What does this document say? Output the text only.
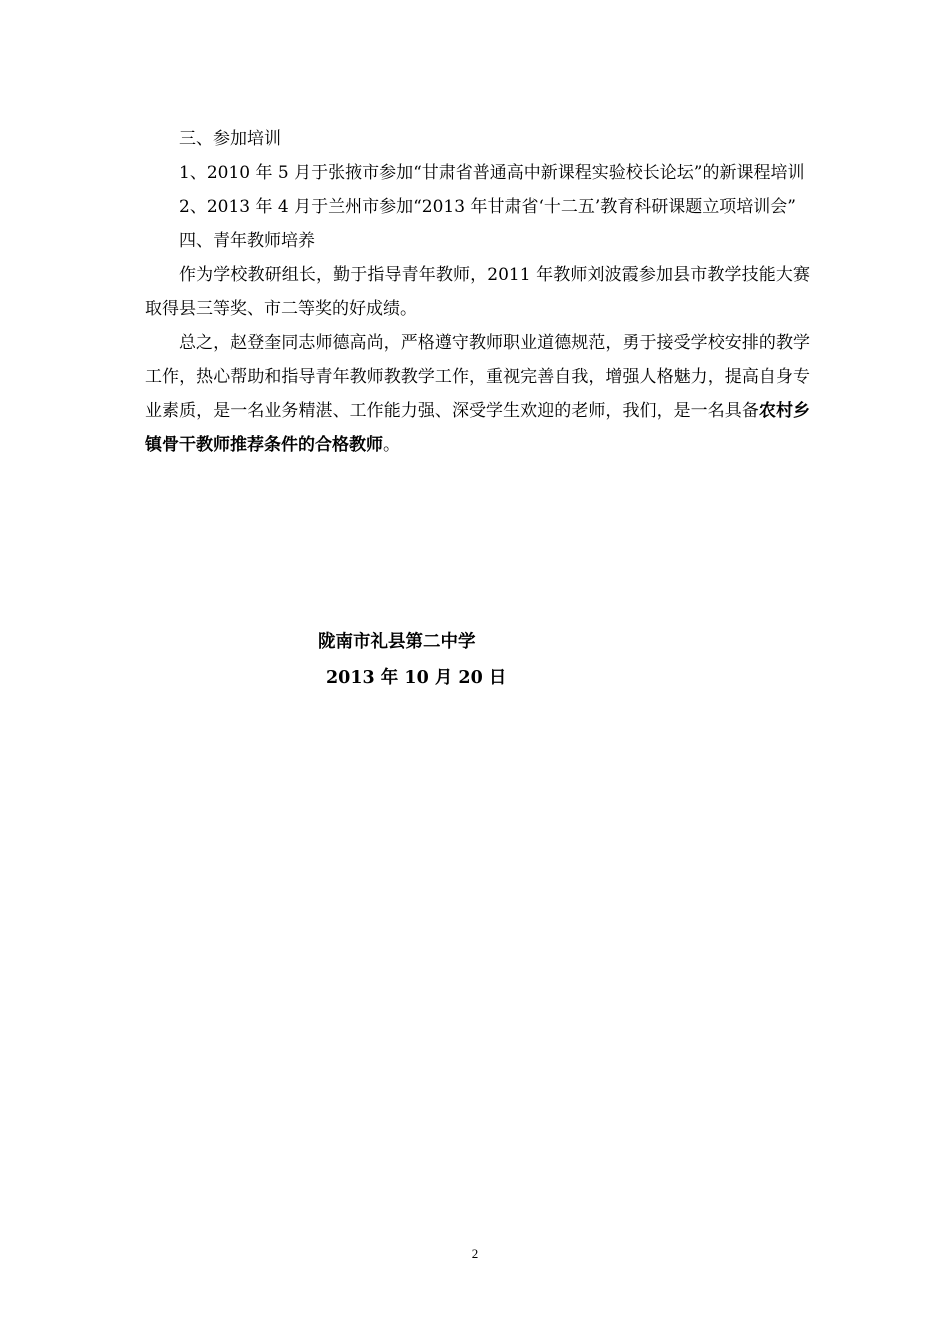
三、参加培训

1、2010 年 5 月于张掖市参加“甘肃省普通高中新课程实验校长论坛”的新课程培训

2、2013 年 4 月于兰州市参加“2013 年甘肃省‘十二五’教育科研课题立项培训会”

四、青年教师培养

作为学校教研组长，勤于指导青年教师，2011 年教师刘波霞参加县市教学技能大赛取得县三等奖、市二等奖的好成绩。

总之，赵登奎同志师德高尚，严格遵守教师职业道德规范，勇于接受学校安排的教学工作，热心帮助和指导青年教师教教学工作，重视完善自我，增强人格魅力，提高自身专业素质，是一名业务精湛、工作能力强、深受学生欢迎的老师，我们，是一名具备农村乡镇骨干教师推荐条件的合格教师。

陇南市礼县第二中学
2013 年 10 月 20 日
2
